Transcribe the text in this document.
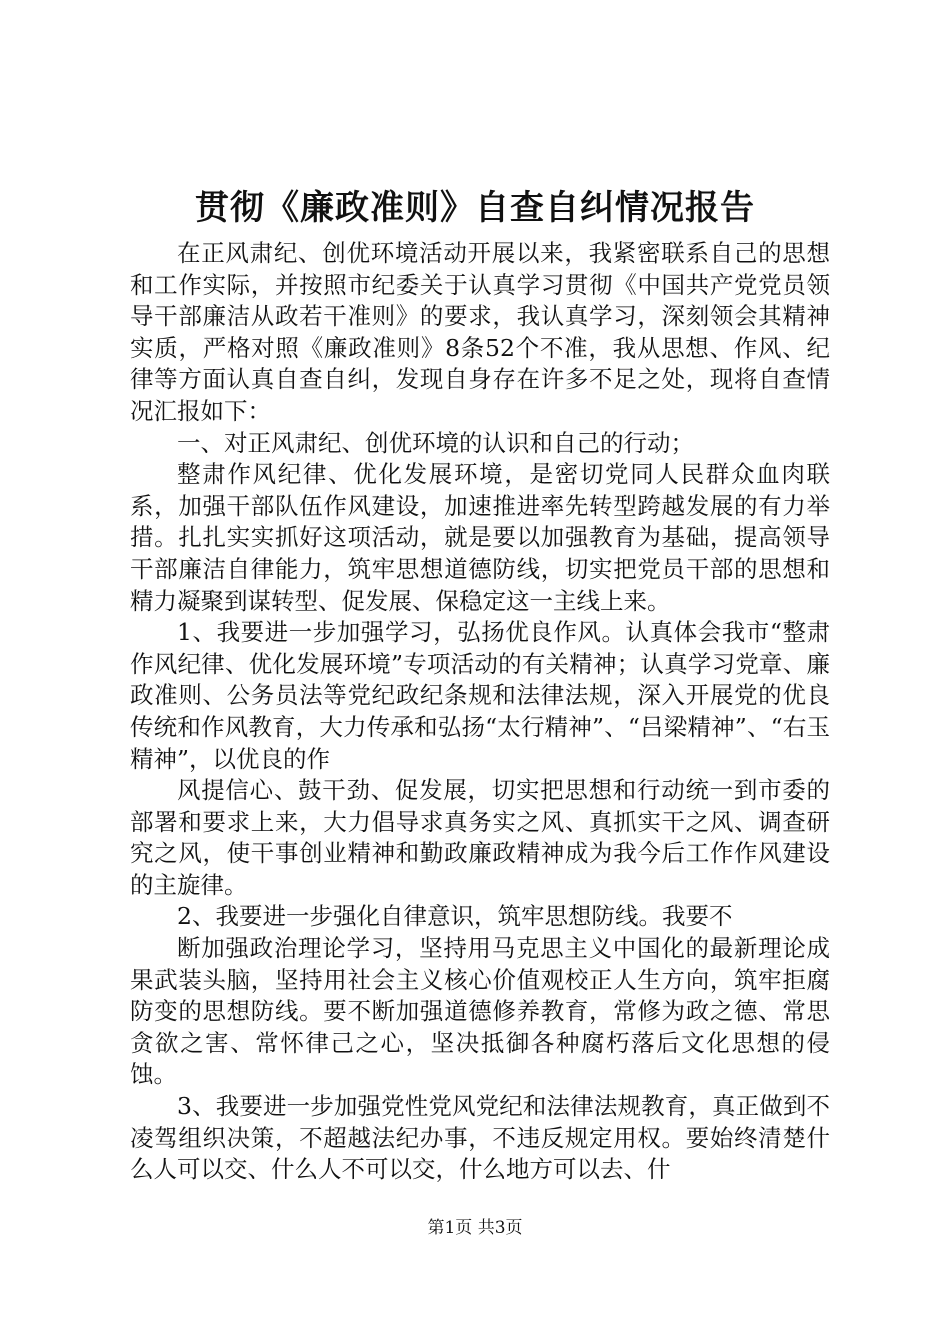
贯彻《廉政准则》自查自纠情况报告

在正风肃纪、创优环境活动开展以来，我紧密联系自己的思想和工作实际，并按照市纪委关于认真学习贯彻《中国共产党党员领导干部廉洁从政若干准则》的要求，我认真学习，深刻领会其精神实质，严格对照《廉政准则》8条52个不准，我从思想、作风、纪律等方面认真自查自纠，发现自身存在许多不足之处，现将自查情况汇报如下：

一、对正风肃纪、创优环境的认识和自己的行动；

整肃作风纪律、优化发展环境，是密切党同人民群众血肉联系，加强干部队伍作风建设，加速推进率先转型跨越发展的有力举措。扎扎实实抓好这项活动，就是要以加强教育为基础，提高领导干部廉洁自律能力，筑牢思想道德防线，切实把党员干部的思想和精力凝聚到谋转型、促发展、保稳定这一主线上来。

1、我要进一步加强学习，弘扬优良作风。认真体会我市“整肃作风纪律、优化发展环境”专项活动的有关精神；认真学习党章、廉政准则、公务员法等党纪政纪条规和法律法规，深入开展党的优良传统和作风教育，大力传承和弘扬“太行精神”、“吕梁精神”、“右玉精神”，以优良的作

风提信心、鼓干劲、促发展，切实把思想和行动统一到市委的部署和要求上来，大力倡导求真务实之风、真抓实干之风、调查研究之风，使干事创业精神和勤政廉政精神成为我今后工作作风建设的主旋律。

2、我要进一步强化自律意识，筑牢思想防线。我要不

断加强政治理论学习，坚持用马克思主义中国化的最新理论成果武装头脑，坚持用社会主义核心价值观校正人生方向，筑牢拒腐防变的思想防线。要不断加强道德修养教育，常修为政之德、常思贪欲之害、常怀律己之心，坚决抵御各种腐朽落后文化思想的侵蚀。

3、我要进一步加强党性党风党纪和法律法规教育，真正做到不凌驾组织决策，不超越法纪办事，不违反规定用权。要始终清楚什么人可以交、什么人不可以交，什么地方可以去、什

第1页 共3页
